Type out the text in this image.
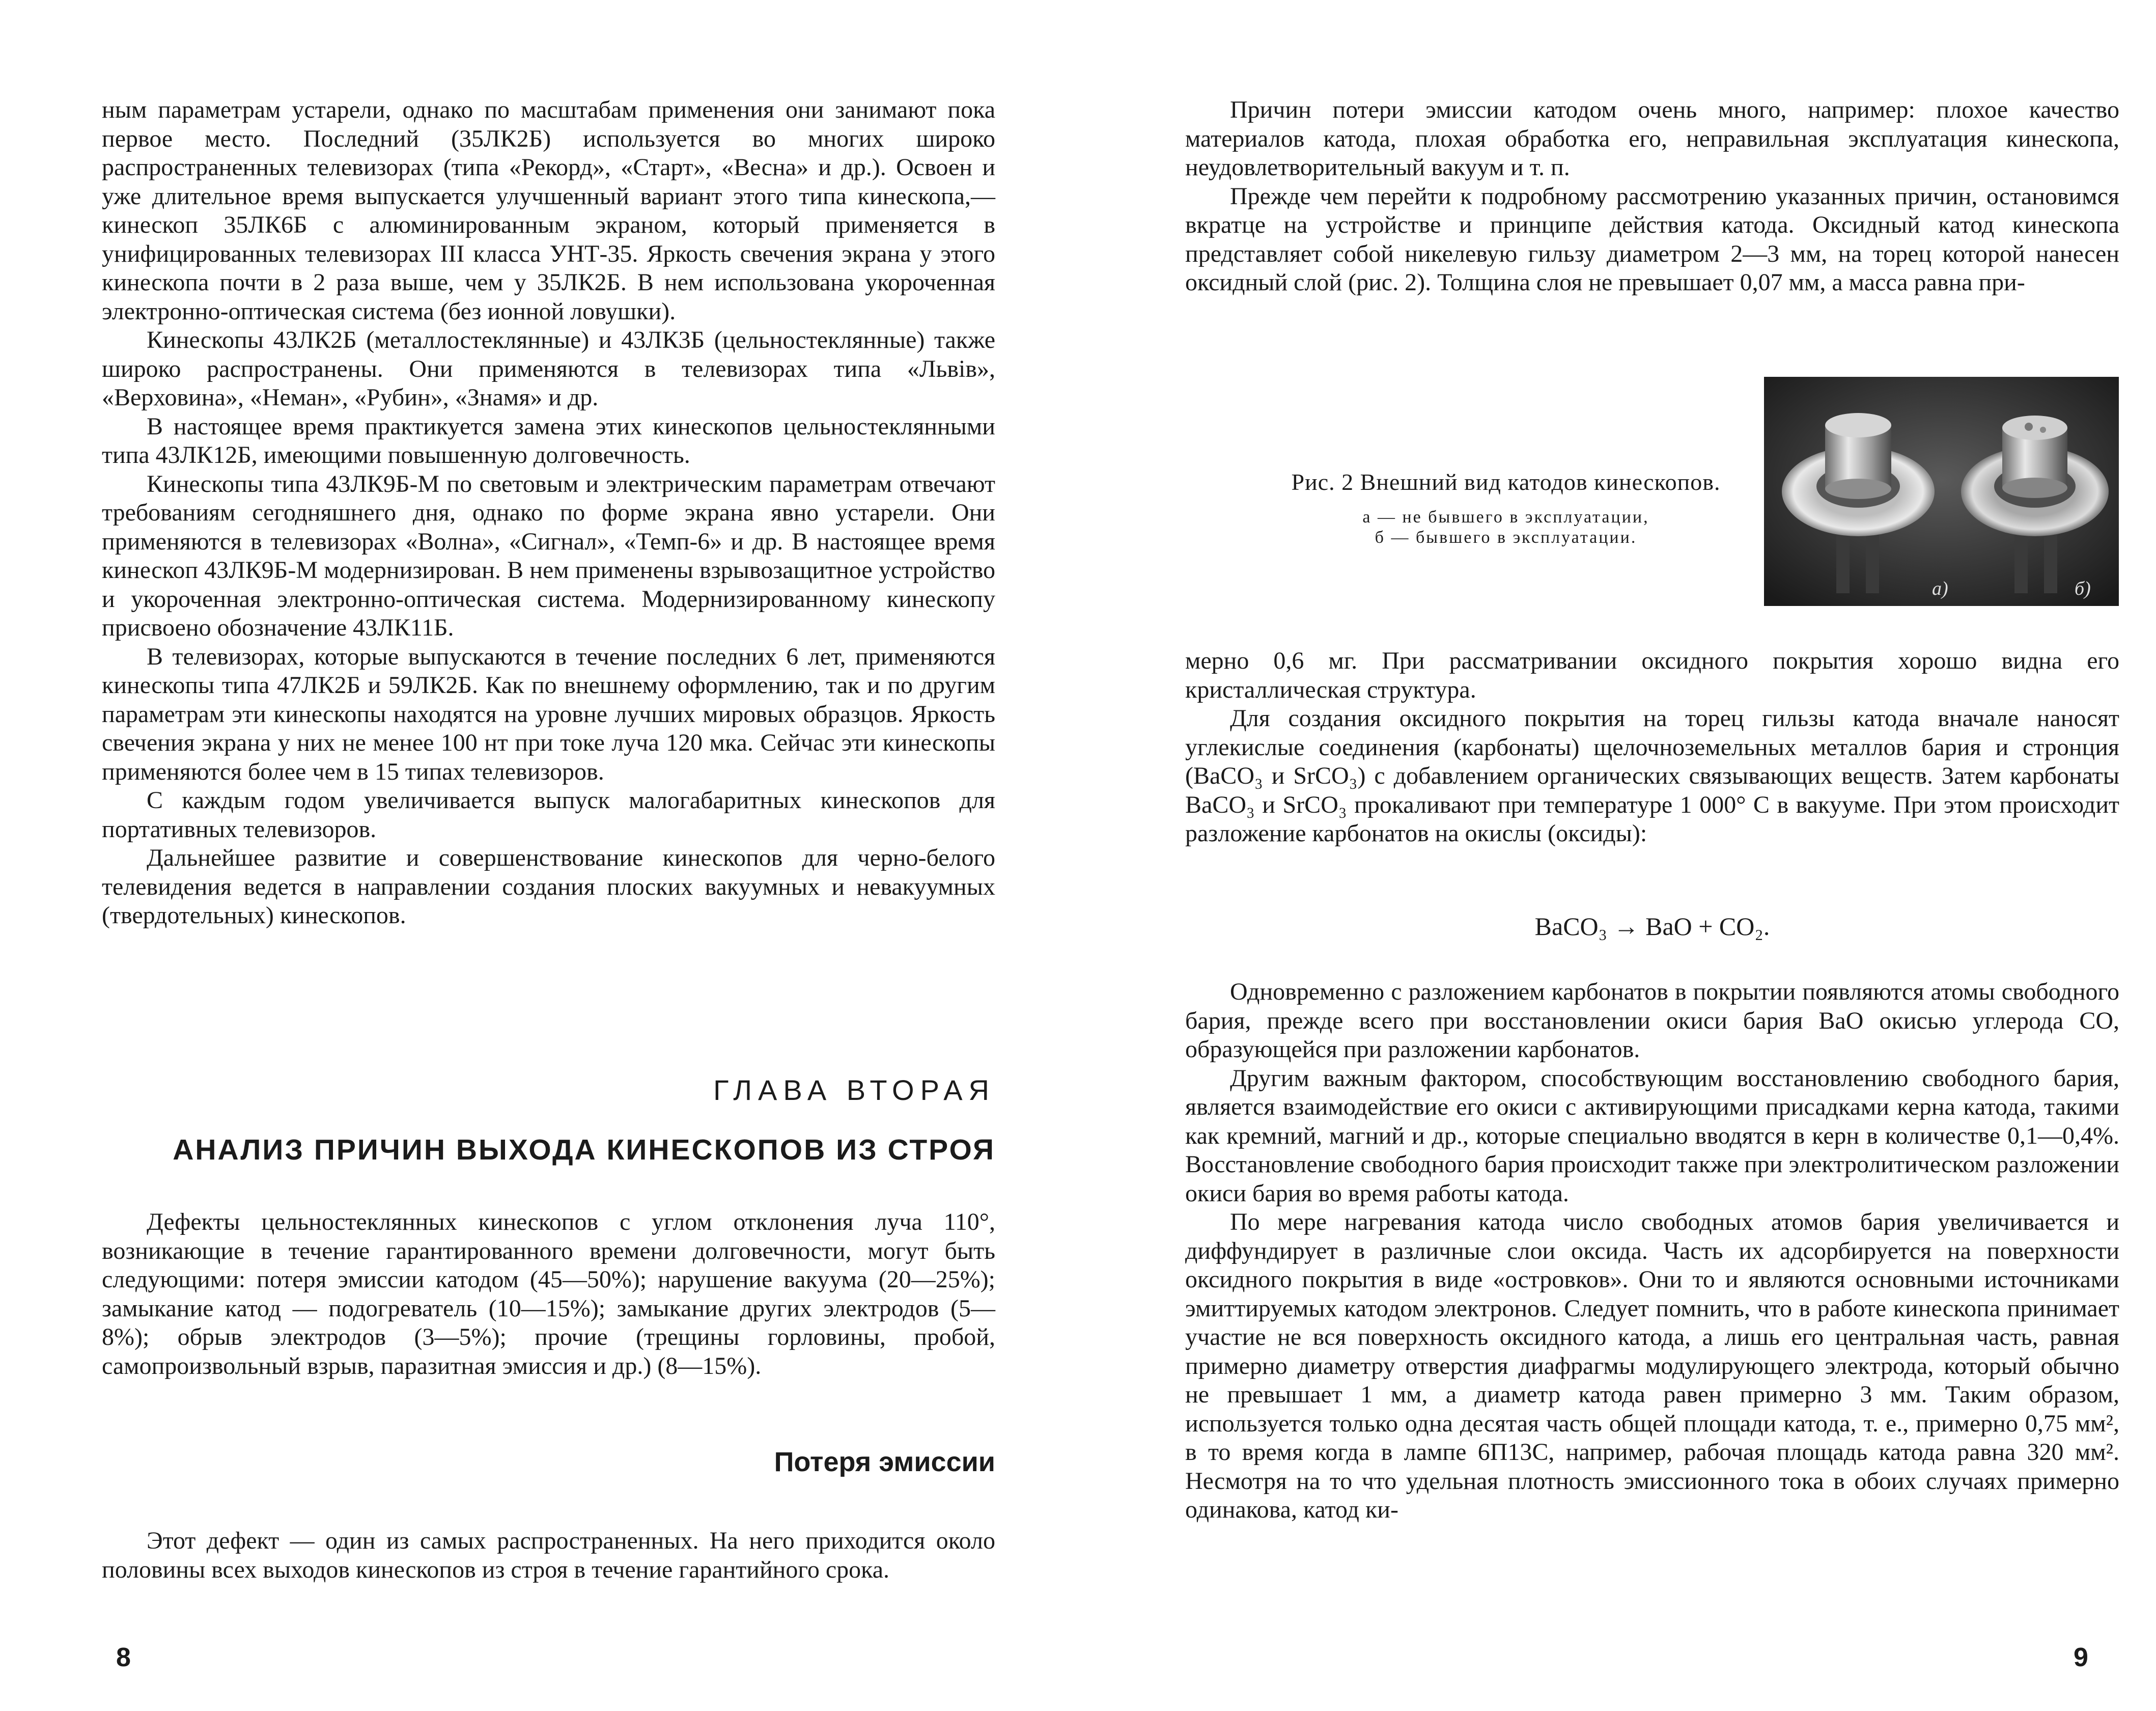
ным параметрам устарели, однако по масштабам применения они занимают пока первое место. Последний (35ЛК2Б) используется во многих широко распространенных телевизорах (типа «Рекорд», «Старт», «Весна» и др.). Освоен и уже длительное время выпускается улучшенный вариант этого типа кинескопа,— кинескоп 35ЛК6Б с алюминированным экраном, который применяется в унифицированных телевизорах III класса УНТ-35. Яркость свечения экрана у этого кинескопа почти в 2 раза выше, чем у 35ЛК2Б. В нем использована укороченная электронно-оптическая система (без ионной ловушки).

Кинескопы 43ЛК2Б (металлостеклянные) и 43ЛК3Б (цельностеклянные) также широко распространены. Они применяются в телевизорах типа «Львів», «Верховина», «Неман», «Рубин», «Знамя» и др.

В настоящее время практикуется замена этих кинескопов цельностеклянными типа 43ЛК12Б, имеющими повышенную долговечность.

Кинескопы типа 43ЛК9Б-М по световым и электрическим параметрам отвечают требованиям сегодняшнего дня, однако по форме экрана явно устарели. Они применяются в телевизорах «Волна», «Сигнал», «Темп-6» и др. В настоящее время кинескоп 43ЛК9Б-М модернизирован. В нем применены взрывозащитное устройство и укороченная электронно-оптическая система. Модернизированному кинескопу присвоено обозначение 43ЛК11Б.

В телевизорах, которые выпускаются в течение последних 6 лет, применяются кинескопы типа 47ЛК2Б и 59ЛК2Б. Как по внешнему оформлению, так и по другим параметрам эти кинескопы находятся на уровне лучших мировых образцов. Яркость свечения экрана у них не менее 100 нт при токе луча 120 мка. Сейчас эти кинескопы применяются более чем в 15 типах телевизоров.

С каждым годом увеличивается выпуск малогабаритных кинескопов для портативных телевизоров.

Дальнейшее развитие и совершенствование кинескопов для черно-белого телевидения ведется в направлении создания плоских вакуумных и невакуумных (твердотельных) кинескопов.

ГЛАВА ВТОРАЯ

АНАЛИЗ ПРИЧИН ВЫХОДА КИНЕСКОПОВ ИЗ СТРОЯ

Дефекты цельностеклянных кинескопов с углом отклонения луча 110°, возникающие в течение гарантированного времени долговечности, могут быть следующими: потеря эмиссии катодом (45—50%); нарушение вакуума (20—25%); замыкание катод — подогреватель (10—15%); замыкание других электродов (5—8%); обрыв электродов (3—5%); прочие (трещины горловины, пробой, самопроизвольный взрыв, паразитная эмиссия и др.) (8—15%).

Потеря эмиссии

Этот дефект — один из самых распространенных. На него приходится около половины всех выходов кинескопов из строя в течение гарантийного срока.

8

Причин потери эмиссии катодом очень много, например: плохое качество материалов катода, плохая обработка его, неправильная эксплуатация кинескопа, неудовлетворительный вакуум и т. п.

Прежде чем перейти к подробному рассмотрению указанных причин, остановимся вкратце на устройстве и принципе действия катода. Оксидный катод кинескопа представляет собой никелевую гильзу диаметром 2—3 мм, на торец которой нанесен оксидный слой (рис. 2). Толщина слоя не превышает 0,07 мм, а масса равна при-

Рис. 2 Внешний вид катодов кинескопов.

а — не бывшего в эксплуатации,
б — бывшего в эксплуатации.

а)	б)

мерно 0,6 мг. При рассматривании оксидного покрытия хорошо видна его кристаллическая структура.

Для создания оксидного покрытия на торец гильзы катода вначале наносят углекислые соединения (карбонаты) щелочноземельных металлов бария и стронция (BaCO₃ и SrCO₃) с добавлением органических связывающих веществ. Затем карбонаты BaCO₃ и SrCO₃ прокаливают при температуре 1 000° С в вакууме. При этом происходит разложение карбонатов на окислы (оксиды):

BaCO₃ → BaO + CO₂.

Одновременно с разложением карбонатов в покрытии появляются атомы свободного бария, прежде всего при восстановлении окиси бария BaO окисью углерода CO, образующейся при разложении карбонатов.

Другим важным фактором, способствующим восстановлению свободного бария, является взаимодействие его окиси с активирующими присадками керна катода, такими как кремний, магний и др., которые специально вводятся в керн в количестве 0,1—0,4%. Восстановление свободного бария происходит также при электролитическом разложении окиси бария во время работы катода.

По мере нагревания катода число свободных атомов бария увеличивается и диффундирует в различные слои оксида. Часть их адсорбируется на поверхности оксидного покрытия в виде «островков». Они то и являются основными источниками эмиттируемых катодом электронов. Следует помнить, что в работе кинескопа принимает участие не вся поверхность оксидного катода, а лишь его центральная часть, равная примерно диаметру отверстия диафрагмы модулирующего электрода, который обычно не превышает 1 мм, а диаметр катода равен примерно 3 мм. Таким образом, используется только одна десятая часть общей площади катода, т. е., примерно 0,75 мм², в то время когда в лампе 6П13С, например, рабочая площадь катода равна 320 мм². Несмотря на то что удельная плотность эмиссионного тока в обоих случаях примерно одинакова, катод ки-

9
